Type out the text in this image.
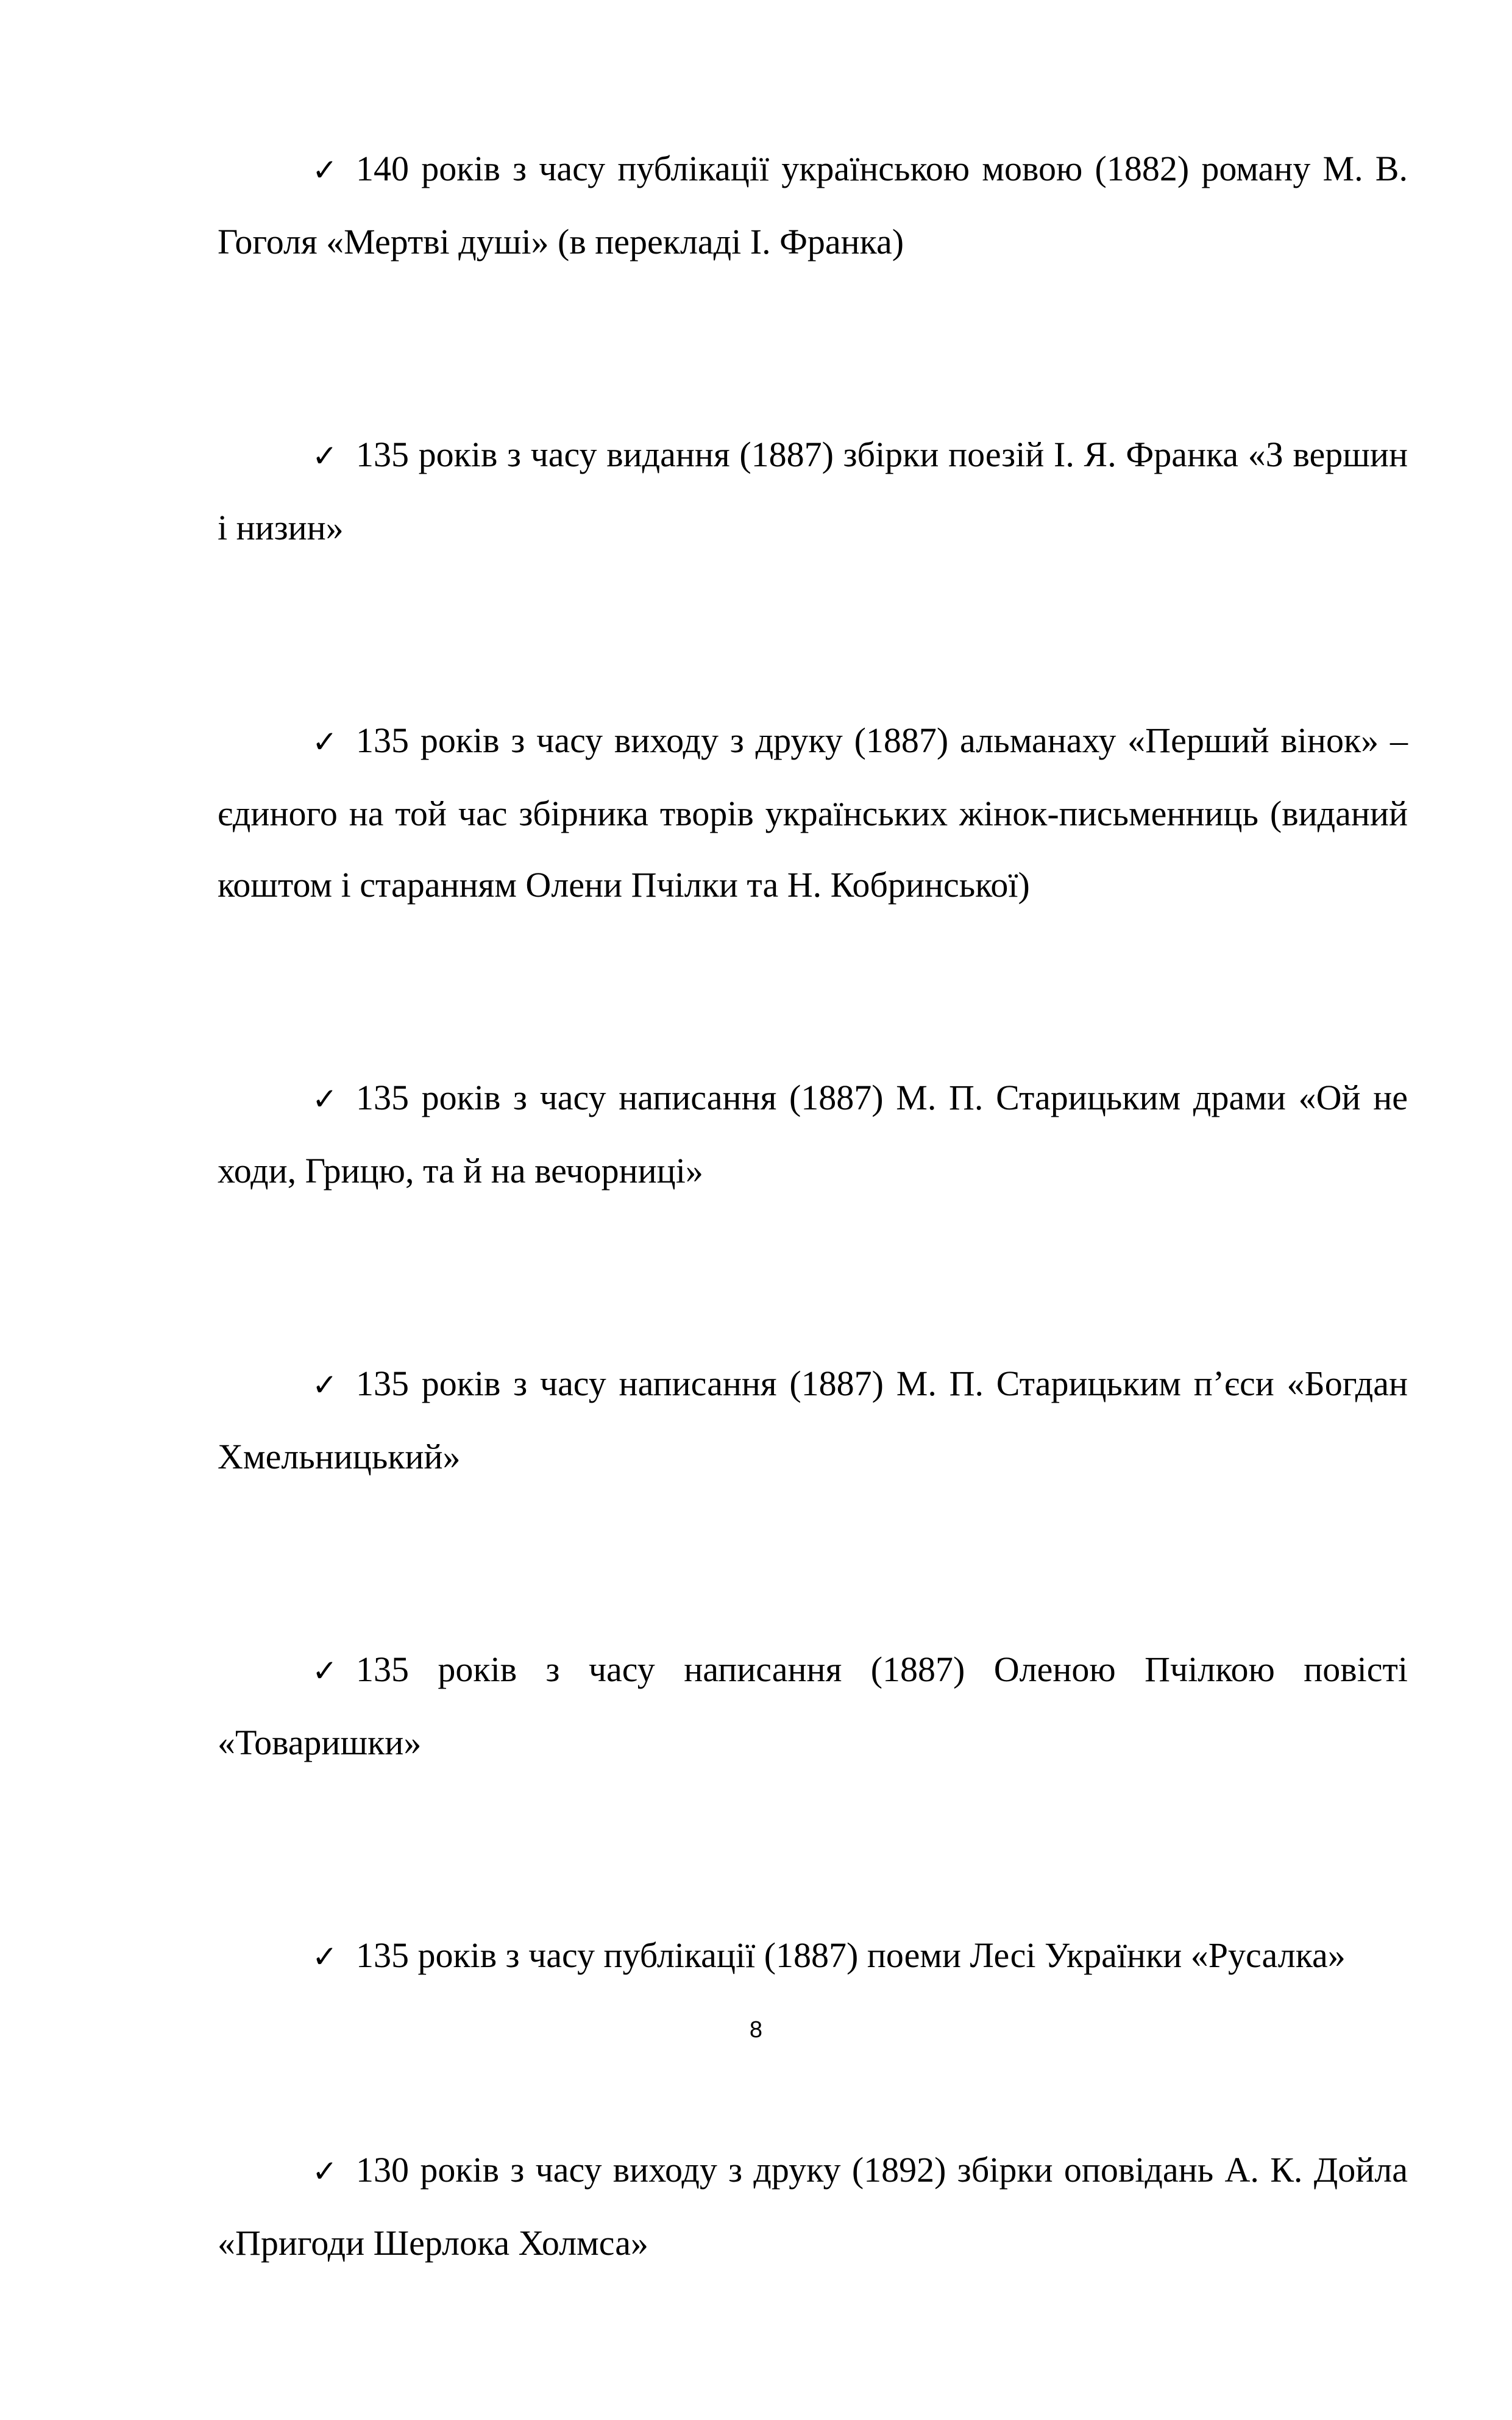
✓ 140 років з часу публікації українською мовою (1882) роману М. В. Гоголя «Мертві душі» (в перекладі І. Франка)

✓ 135 років з часу видання (1887) збірки поезій І. Я. Франка «З вершин і низин»

✓ 135 років з часу виходу з друку (1887) альманаху «Перший вінок» – єдиного на той час збірника творів українських жінок-письменниць (виданий коштом і старанням Олени Пчілки та Н. Кобринської)

✓ 135 років з часу написання (1887) М. П. Старицьким драми «Ой не ходи, Грицю, та й на вечорниці»

✓ 135 років з часу написання (1887) М. П. Старицьким п’єси «Богдан Хмельницький»

✓ 135 років з часу написання (1887) Оленою Пчілкою повісті «Товаришки»

✓ 135 років з часу публікації (1887) поеми Лесі Українки «Русалка»

✓ 130 років з часу виходу з друку (1892) збірки оповідань А. К. Дойла «Пригоди Шерлока Холмса»

8
